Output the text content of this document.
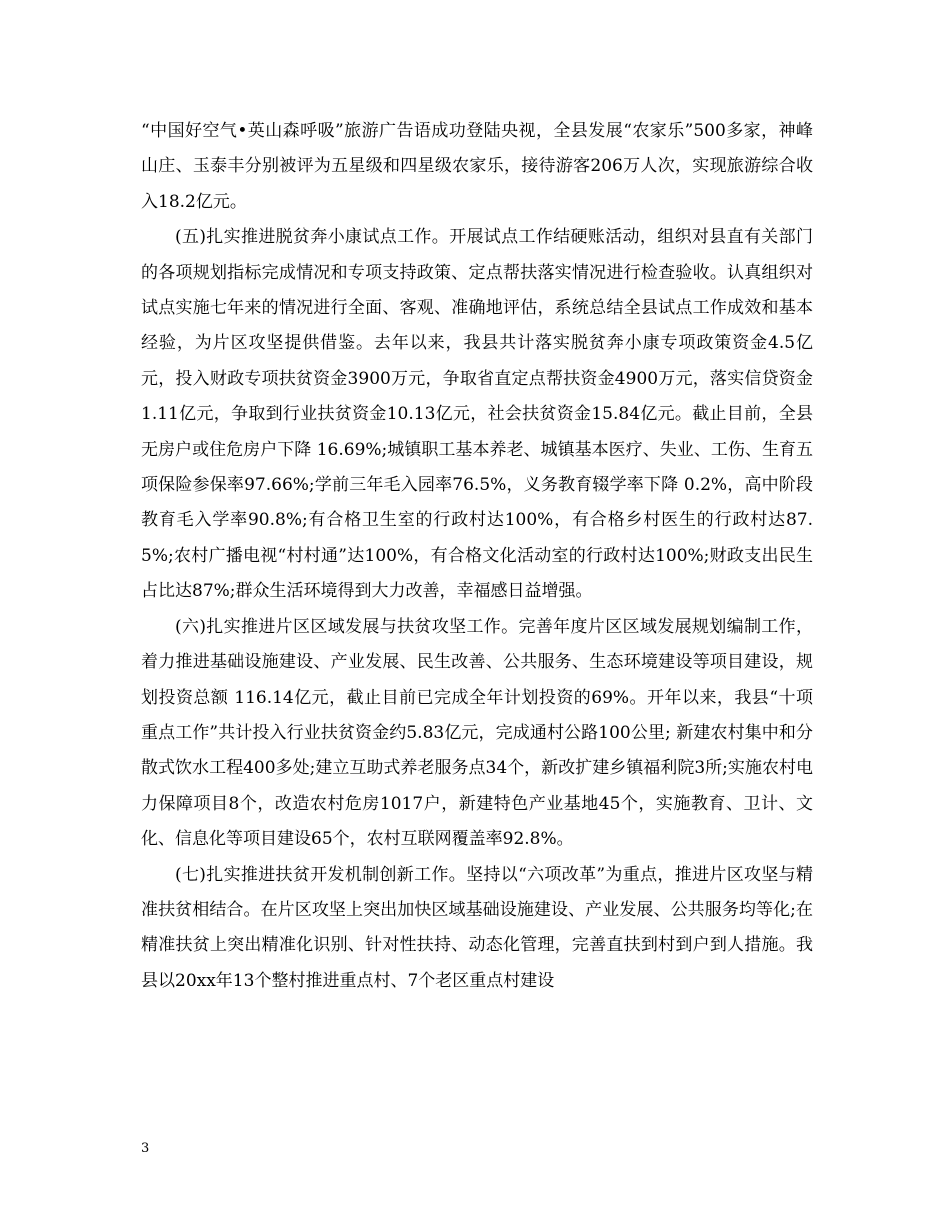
“中国好空气•英山森呼吸”旅游广告语成功登陆央视，全县发展“农家乐”500多家，神峰山庄、玉泰丰分别被评为五星级和四星级农家乐，接待游客206万人次，实现旅游综合收入18.2亿元。

(五)扎实推进脱贫奔小康试点工作。开展试点工作结硬账活动，组织对县直有关部门的各项规划指标完成情况和专项支持政策、定点帮扶落实情况进行检查验收。认真组织对试点实施七年来的情况进行全面、客观、准确地评估，系统总结全县试点工作成效和基本经验，为片区攻坚提供借鉴。去年以来，我县共计落实脱贫奔小康专项政策资金4.5亿元，投入财政专项扶贫资金3900万元，争取省直定点帮扶资金4900万元，落实信贷资金1.11亿元，争取到行业扶贫资金10.13亿元，社会扶贫资金15.84亿元。截止目前，全县无房户或住危房户下降 16.69%;城镇职工基本养老、城镇基本医疗、失业、工伤、生育五项保险参保率97.66%;学前三年毛入园率76.5%，义务教育辍学率下降 0.2%，高中阶段教育毛入学率90.8%;有合格卫生室的行政村达100%，有合格乡村医生的行政村达87.5%;农村广播电视“村村通”达100%，有合格文化活动室的行政村达100%;财政支出民生占比达87%;群众生活环境得到大力改善，幸福感日益增强。

(六)扎实推进片区区域发展与扶贫攻坚工作。完善年度片区区域发展规划编制工作，着力推进基础设施建设、产业发展、民生改善、公共服务、生态环境建设等项目建设，规划投资总额 116.14亿元，截止目前已完成全年计划投资的69%。开年以来，我县“十项重点工作”共计投入行业扶贫资金约5.83亿元，完成通村公路100公里; 新建农村集中和分散式饮水工程400多处;建立互助式养老服务点34个，新改扩建乡镇福利院3所;实施农村电力保障项目8个，改造农村危房1017户，新建特色产业基地45个，实施教育、卫计、文化、信息化等项目建设65个，农村互联网覆盖率92.8%。

(七)扎实推进扶贫开发机制创新工作。坚持以“六项改革”为重点，推进片区攻坚与精准扶贫相结合。在片区攻坚上突出加快区域基础设施建设、产业发展、公共服务均等化;在精准扶贫上突出精准化识别、针对性扶持、动态化管理，完善直扶到村到户到人措施。我县以20xx年13个整村推进重点村、7个老区重点村建设

3
